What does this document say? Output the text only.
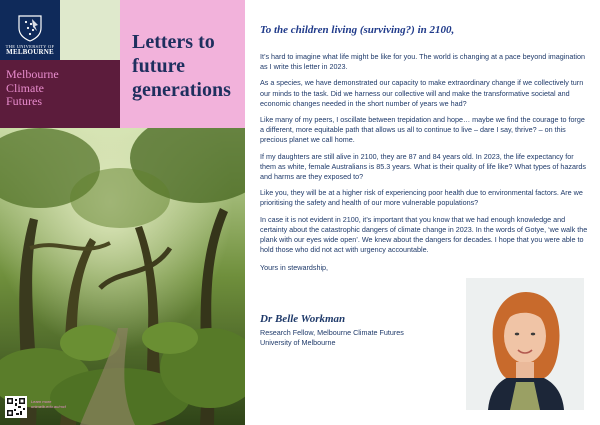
THE UNIVERSITY OF
MELBOURNE
Melbourne
Climate
Futures
Letters to
future
generations
Learn more
unimelb.edu.au/mcf
To the children living (surviving?) in 2100,

It’s hard to imagine what life might be like for you. The world is changing at a pace beyond imagination as I write this letter in 2023.

As a species, we have demonstrated our capacity to make extraordinary change if we collectively turn our minds to the task. Did we harness our collective will and make the transformative societal and economic changes needed in the short number of years we had?

Like many of my peers, I oscillate between trepidation and hope… maybe we find the courage to forge a different, more equitable path that allows us all to continue to live – dare I say, thrive? – on this precious planet we call home.

If my daughters are still alive in 2100, they are 87 and 84 years old. In 2023, the life expectancy for them as white, female Australians is 85.3 years. What is their quality of life like? What types of hazards and harms are they exposed to?

Like you, they will be at a higher risk of experiencing poor health due to environmental factors. Are we prioritising the safety and health of our more vulnerable populations?

In case it is not evident in 2100, it’s important that you know that we had enough knowledge and certainty about the catastrophic dangers of climate change in 2023. In the words of Gotye, ‘we walk the plank with our eyes wide open’. We knew about the dangers for decades. I hope that you were able to hold those who did not act with urgency accountable.

Yours in stewardship,

Dr Belle Workman
Research Fellow, Melbourne Climate Futures
University of Melbourne
